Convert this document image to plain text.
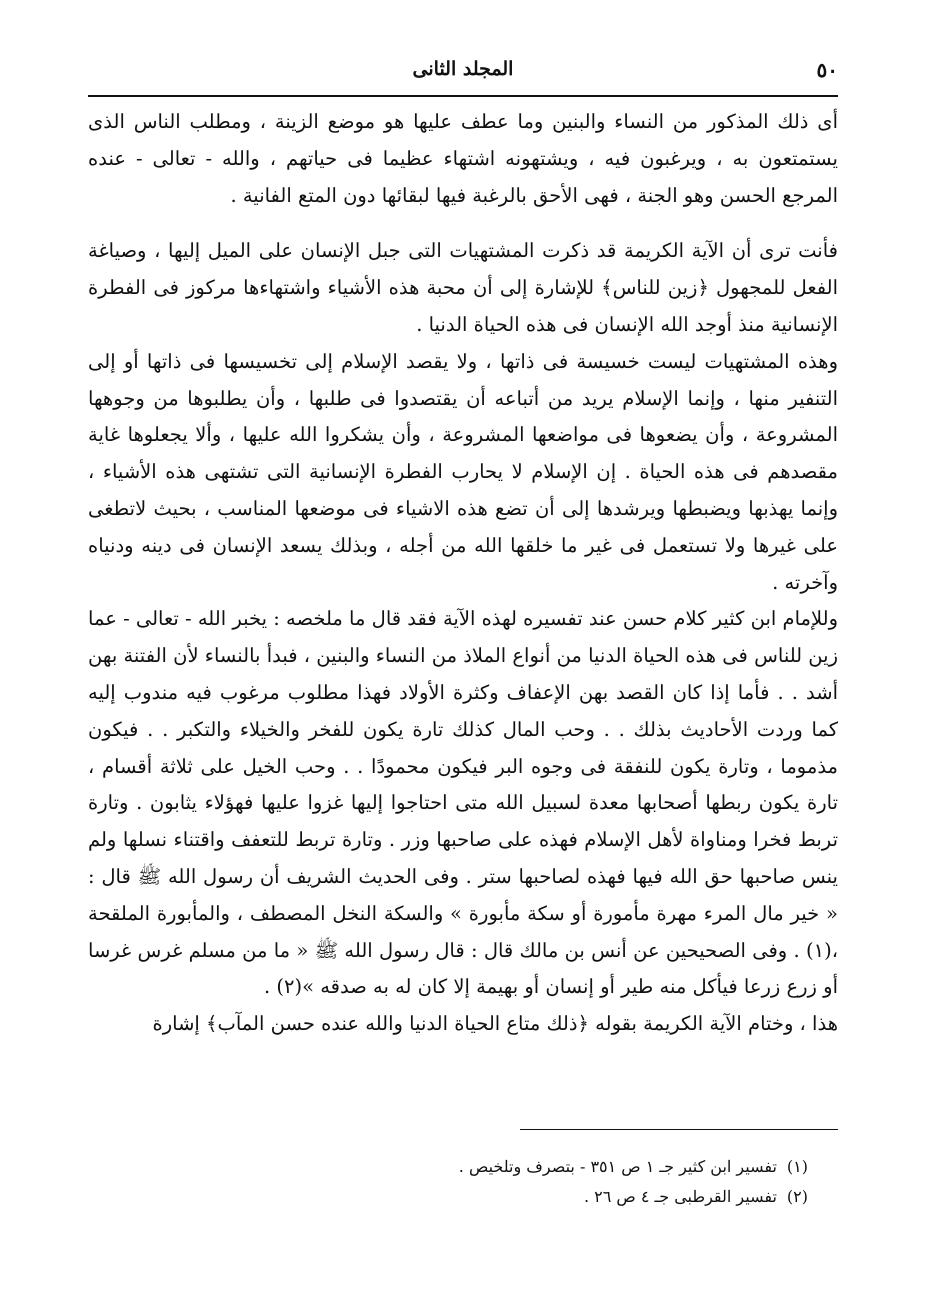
٥٠
المجلد الثانى

أى ذلك المذكور من النساء والبنين وما عطف عليها هو موضع الزينة ، ومطلب الناس الذى يستمتعون به ، ويرغبون فيه ، ويشتهونه اشتهاء عظيما فى حياتهم ، والله - تعالى - عنده المرجع الحسن وهو الجنة ، فهى الأحق بالرغبة فيها لبقائها دون المتع الفانية .

فأنت ترى أن الآية الكريمة قد ذكرت المشتهيات التى جبل الإنسان على الميل إليها ، وصياغة الفعل للمجهول ﴿زين للناس﴾ للإشارة إلى أن محبة هذه الأشياء واشتهاءها مركوز فى الفطرة الإنسانية منذ أوجد الله الإنسان فى هذه الحياة الدنيا .

وهذه المشتهيات ليست خسيسة فى ذاتها ، ولا يقصد الإسلام إلى تخسيسها فى ذاتها أو إلى التنفير منها ، وإنما الإسلام يريد من أتباعه أن يقتصدوا فى طلبها ، وأن يطلبوها من وجوهها المشروعة ، وأن يضعوها فى مواضعها المشروعة ، وأن يشكروا الله عليها ، وألا يجعلوها غاية مقصدهم فى هذه الحياة . إن الإسلام لا يحارب الفطرة الإنسانية التى تشتهى هذه الأشياء ، وإنما يهذبها ويضبطها ويرشدها إلى أن تضع هذه الاشياء فى موضعها المناسب ، بحيث لاتطغى على غيرها ولا تستعمل فى غير ما خلقها الله من أجله ، وبذلك يسعد الإنسان فى دينه ودنياه وآخرته .

وللإمام ابن كثير كلام حسن عند تفسيره لهذه الآية فقد قال ما ملخصه : يخبر الله - تعالى - عما زين للناس فى هذه الحياة الدنيا من أنواع الملاذ من النساء والبنين ، فبدأ بالنساء لأن الفتنة بهن أشد . . فأما إذا كان القصد بهن الإعفاف وكثرة الأولاد فهذا مطلوب مرغوب فيه مندوب إليه كما وردت الأحاديث بذلك . . وحب المال كذلك تارة يكون للفخر والخيلاء والتكبر . . فيكون مذموما ، وتارة يكون للنفقة فى وجوه البر فيكون محمودًا . . وحب الخيل على ثلاثة أقسام ، تارة يكون ربطها أصحابها معدة لسبيل الله متى احتاجوا إليها غزوا عليها فهؤلاء يثابون . وتارة تربط فخرا ومناواة لأهل الإسلام فهذه على صاحبها وزر . وتارة تربط للتعفف واقتناء نسلها ولم ينس صاحبها حق الله فيها فهذه لصاحبها ستر . وفى الحديث الشريف أن رسول الله ﷺ قال : « خير مال المرء مهرة مأمورة أو سكة مأبورة » والسكة النخل المصطف ، والمأبورة الملقحة ،(١) . وفى الصحيحين عن أنس بن مالك قال : قال رسول الله ﷺ « ما من مسلم غرس غرسا أو زرع زرعا فيأكل منه طير أو إنسان أو بهيمة إلا كان له به صدقه »(٢) .

هذا ، وختام الآية الكريمة بقوله ﴿ذلك متاع الحياة الدنيا والله عنده حسن المآب﴾ إشارة

(١)تفسير ابن كثير جـ ١ ص ٣٥١ - بتصرف وتلخيص .
(٢)تفسير القرطبى جـ ٤ ص ٢٦ .
